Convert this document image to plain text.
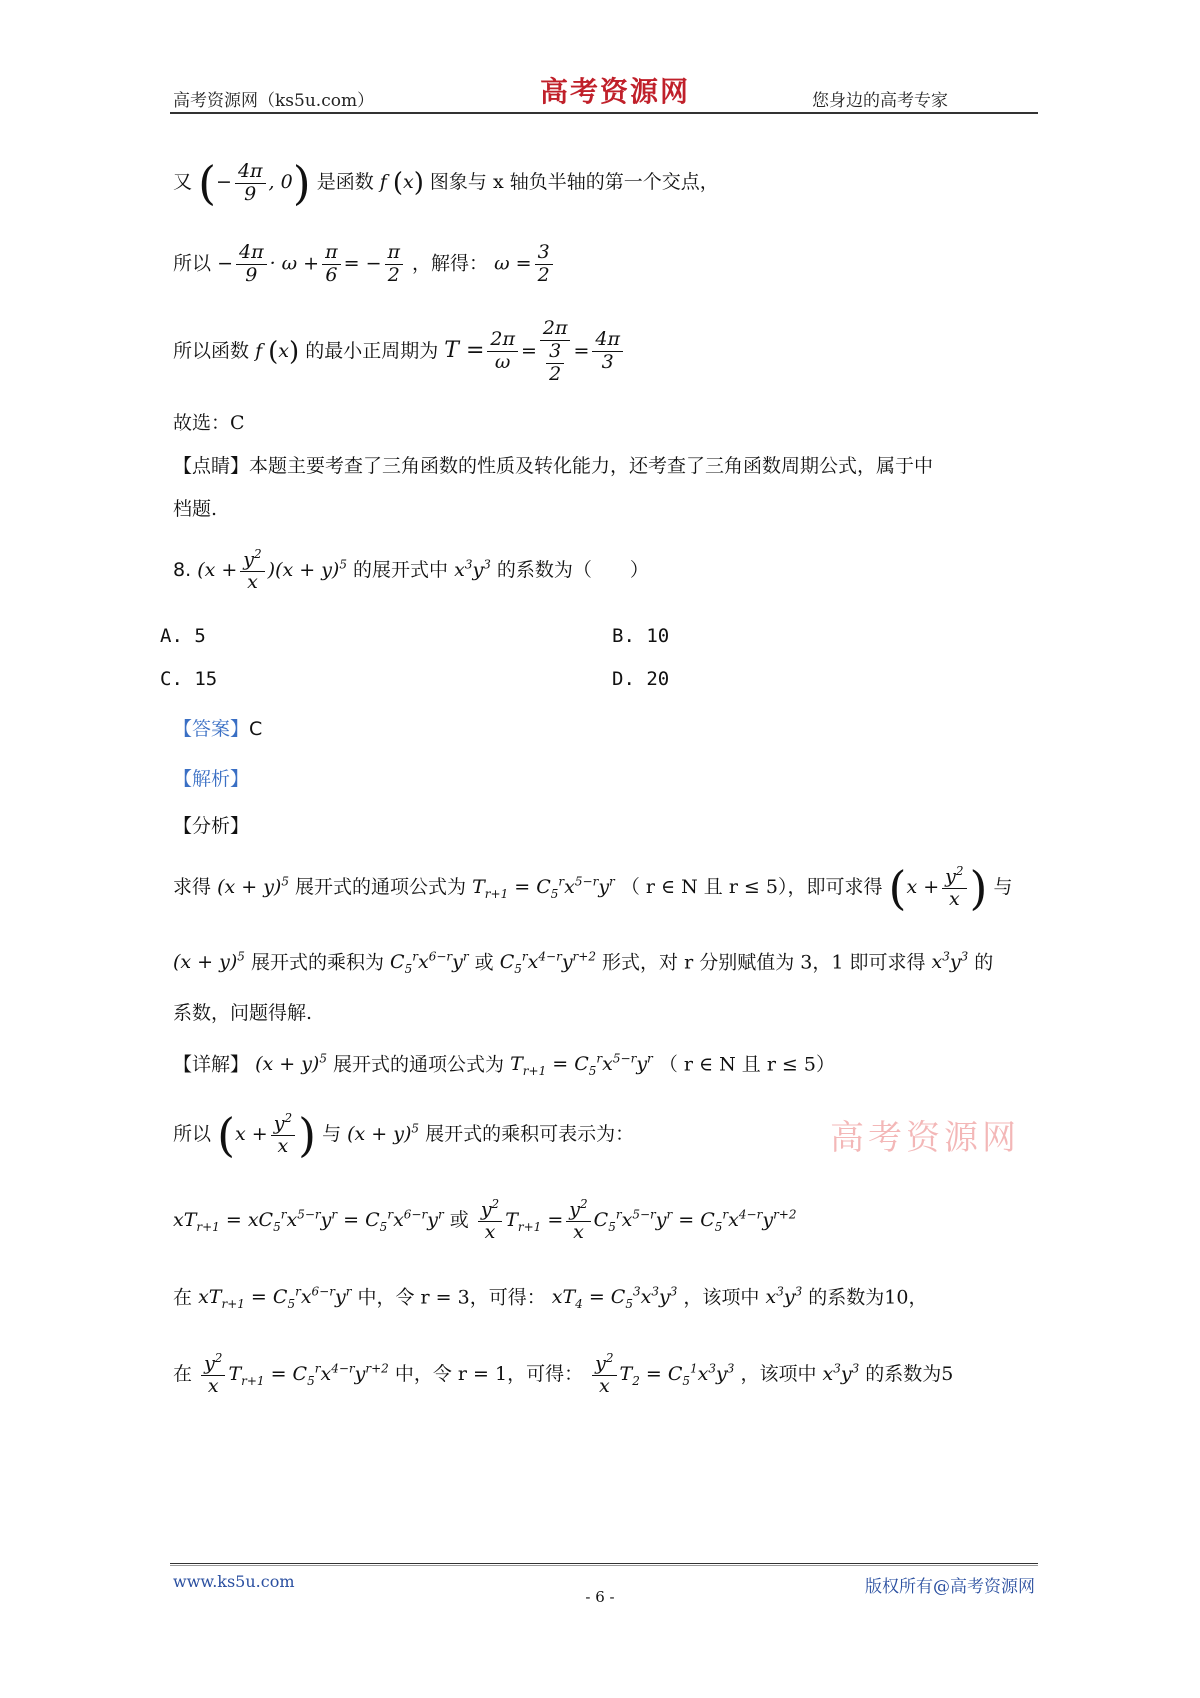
高考资源网（ks5u.com）	高考资源网	您身边的高考专家
又 (− $\frac{4\pi}{9}$ , 0) 是函数 f (x) 图象与 x 轴负半轴的第一个交点，
所以 − $\frac{4\pi}{9} \cdot \omega + \frac{\pi}{6}$ = − $\frac{\pi}{2}$ ，解得： $\omega = \frac{3}{2}$
所以函数 f (x) 的最小正周期为 $T = \frac{2\pi}{\omega} = \frac{2\pi}{\frac{3}{2}} = \frac{4\pi}{3}$
故选：C
【点睛】本题主要考查了三角函数的性质及转化能力，还考查了三角函数周期公式，属于中
档题.
8. $(x + \frac{y^2}{x} )(x + y)^5$ 的展开式中 $x^3y^3$ 的系数为（　　）
A. 5	B. 10
C. 15	D. 20
【答案】C
【解析】
【分析】
求得 $(x + y)^5$ 展开式的通项公式为 $T_{r+1} = C_5^rx^{5-r}y^r$ （ r ∈ N 且 r ≤ 5），即可求得 ($x + \frac{y^2}{x}$ ) 与
$(x + y)^5$ 展开式的乘积为 $C_5^rx^{6-r}y^r$ 或 $C_5^rx^{4-r}y^{r+2}$ 形式，对 r 分别赋值为 3，1 即可求得 $x^3y^3$ 的
系数，问题得解.
高考资源网
【详解】 $(x + y)^5$ 展开式的通项公式为 $T_{r+1} = C_5^rx^{5-r}y^r$ （ r ∈ N 且 r ≤ 5）
所以 ($x + \frac{y^2}{x}$ ) 与 $(x + y)^5$ 展开式的乘积可表示为：
$xT_{r+1} = xC_5^rx^{5-r}y^r = C_5^rx^{6-r}y^r$ 或 $\frac{y^2}{x} T_{r+1} = \frac{y^2}{x} C_5^rx^{5-r}y^r = C_5^rx^{4-r}y^{r+2}$
在 $xT_{r+1} = C_5^rx^{6-r}y^r$ 中，令 r = 3，可得： $xT_4 = C_5^3x^3y^3$ ，该项中 $x^3y^3$ 的系数为10，
在 $\frac{y^2}{x} T_{r+1} = C_5^rx^{4-r}y^{r+2}$ 中，令 r = 1，可得： $\frac{y^2}{x} T_2 = C_5^1x^3y^3$ ，该项中 $x^3y^3$ 的系数为5
www.ks5u.com
- 6 -	版权所有@高考资源网
